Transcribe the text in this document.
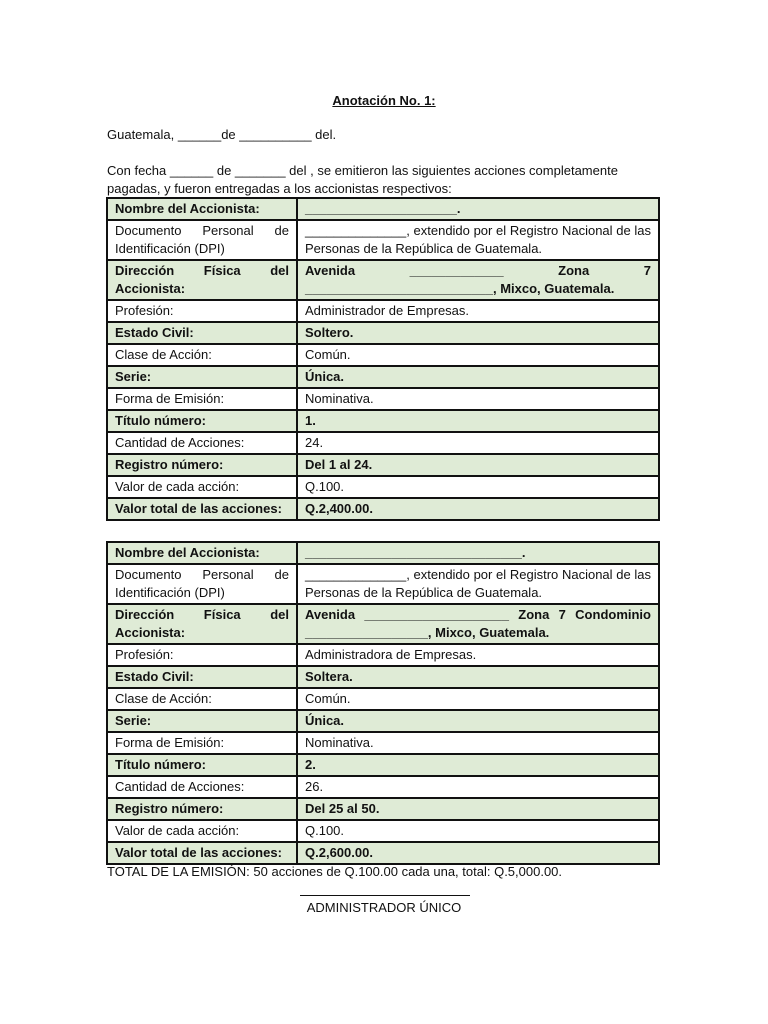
Anotación No. 1:
Guatemala, ______de __________ del.
Con fecha ______ de _______ del , se emitieron las siguientes acciones completamente pagadas, y fueron entregadas a los accionistas respectivos:
Nombre del Accionista:	_____________________.
Documento Personal de Identificación (DPI)	______________, extendido por el Registro Nacional de las Personas de la República de Guatemala.
Dirección Física del Accionista:	Avenida _____________ Zona 7 __________________________, Mixco, Guatemala.
Profesión:	Administrador de Empresas.
Estado Civil:	Soltero.
Clase de Acción:	Común.
Serie:	Única.
Forma de Emisión:	Nominativa.
Título número:	1.
Cantidad de Acciones:	24.
Registro número:	Del 1 al 24.
Valor de cada acción:	Q.100.
Valor total de las acciones:	Q.2,400.00.
Nombre del Accionista:	______________________________.
Documento Personal de Identificación (DPI)	______________, extendido por el Registro Nacional de las Personas de la República de Guatemala.
Dirección Física del Accionista:	Avenida ____________________ Zona 7 Condominio _________________, Mixco, Guatemala.
Profesión:	Administradora de Empresas.
Estado Civil:	Soltera.
Clase de Acción:	Común.
Serie:	Única.
Forma de Emisión:	Nominativa.
Título número:	2.
Cantidad de Acciones:	26.
Registro número:	Del 25 al 50.
Valor de cada acción:	Q.100.
Valor total de las acciones:	Q.2,600.00.
TOTAL DE LA EMISIÓN: 50 acciones de Q.100.00 cada una, total: Q.5,000.00.
ADMINISTRADOR ÚNICO
